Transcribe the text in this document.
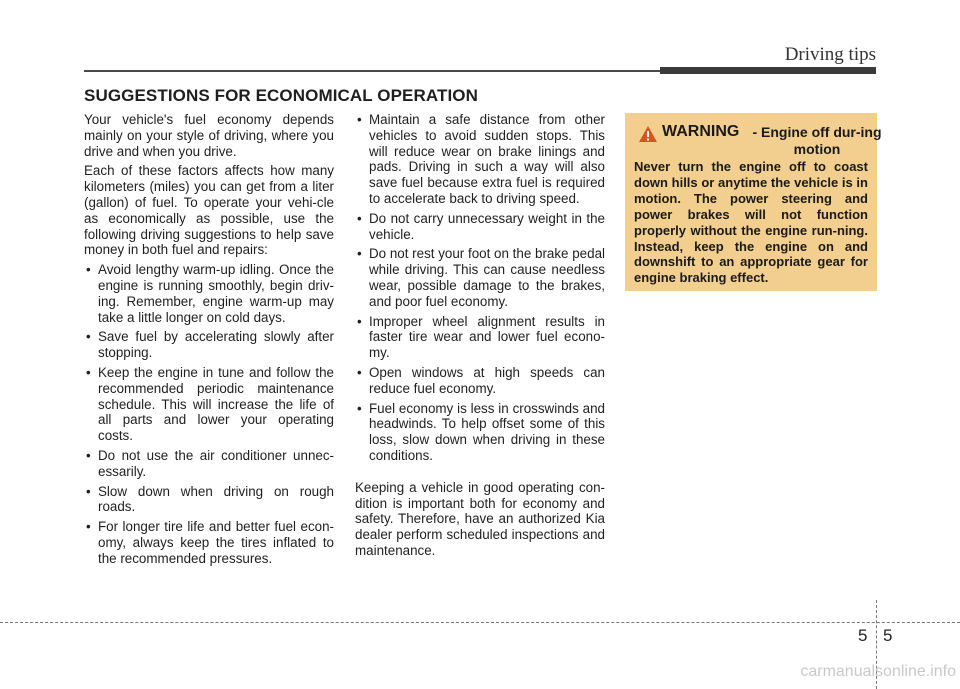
Driving tips
SUGGESTIONS FOR ECONOMICAL OPERATION

Your vehicle's fuel economy depends mainly on your style of driving, where you drive and when you drive.

Each of these factors affects how many kilometers (miles) you can get from a liter (gallon) of fuel. To operate your vehi-cle as economically as possible, use the following driving suggestions to help save money in both fuel and repairs:

• Avoid lengthy warm-up idling. Once the engine is running smoothly, begin driv-ing. Remember, engine warm-up may take a little longer on cold days.
• Save fuel by accelerating slowly after stopping.
• Keep the engine in tune and follow the recommended periodic maintenance schedule. This will increase the life of all parts and lower your operating costs.
• Do not use the air conditioner unnec-essarily.
• Slow down when driving on rough roads.
• For longer tire life and better fuel econ-omy, always keep the tires inflated to the recommended pressures.
• Maintain a safe distance from other vehicles to avoid sudden stops. This will reduce wear on brake linings and pads. Driving in such a way will also save fuel because extra fuel is required to accelerate back to driving speed.
• Do not carry unnecessary weight in the vehicle.
• Do not rest your foot on the brake pedal while driving. This can cause needless wear, possible damage to the brakes, and poor fuel economy.
• Improper wheel alignment results in faster tire wear and lower fuel econo-my.
• Open windows at high speeds can reduce fuel economy.
• Fuel economy is less in crosswinds and headwinds. To help offset some of this loss, slow down when driving in these conditions.

Keeping a vehicle in good operating con-dition is important both for economy and safety. Therefore, have an authorized Kia dealer perform scheduled inspections and maintenance.

WARNING - Engine off dur-ing motion

Never turn the engine off to coast down hills or anytime the vehicle is in motion. The power steering and power brakes will not function properly without the engine run-ning. Instead, keep the engine on and downshift to an appropriate gear for engine braking effect.

5 5
carmanualsonline.info
